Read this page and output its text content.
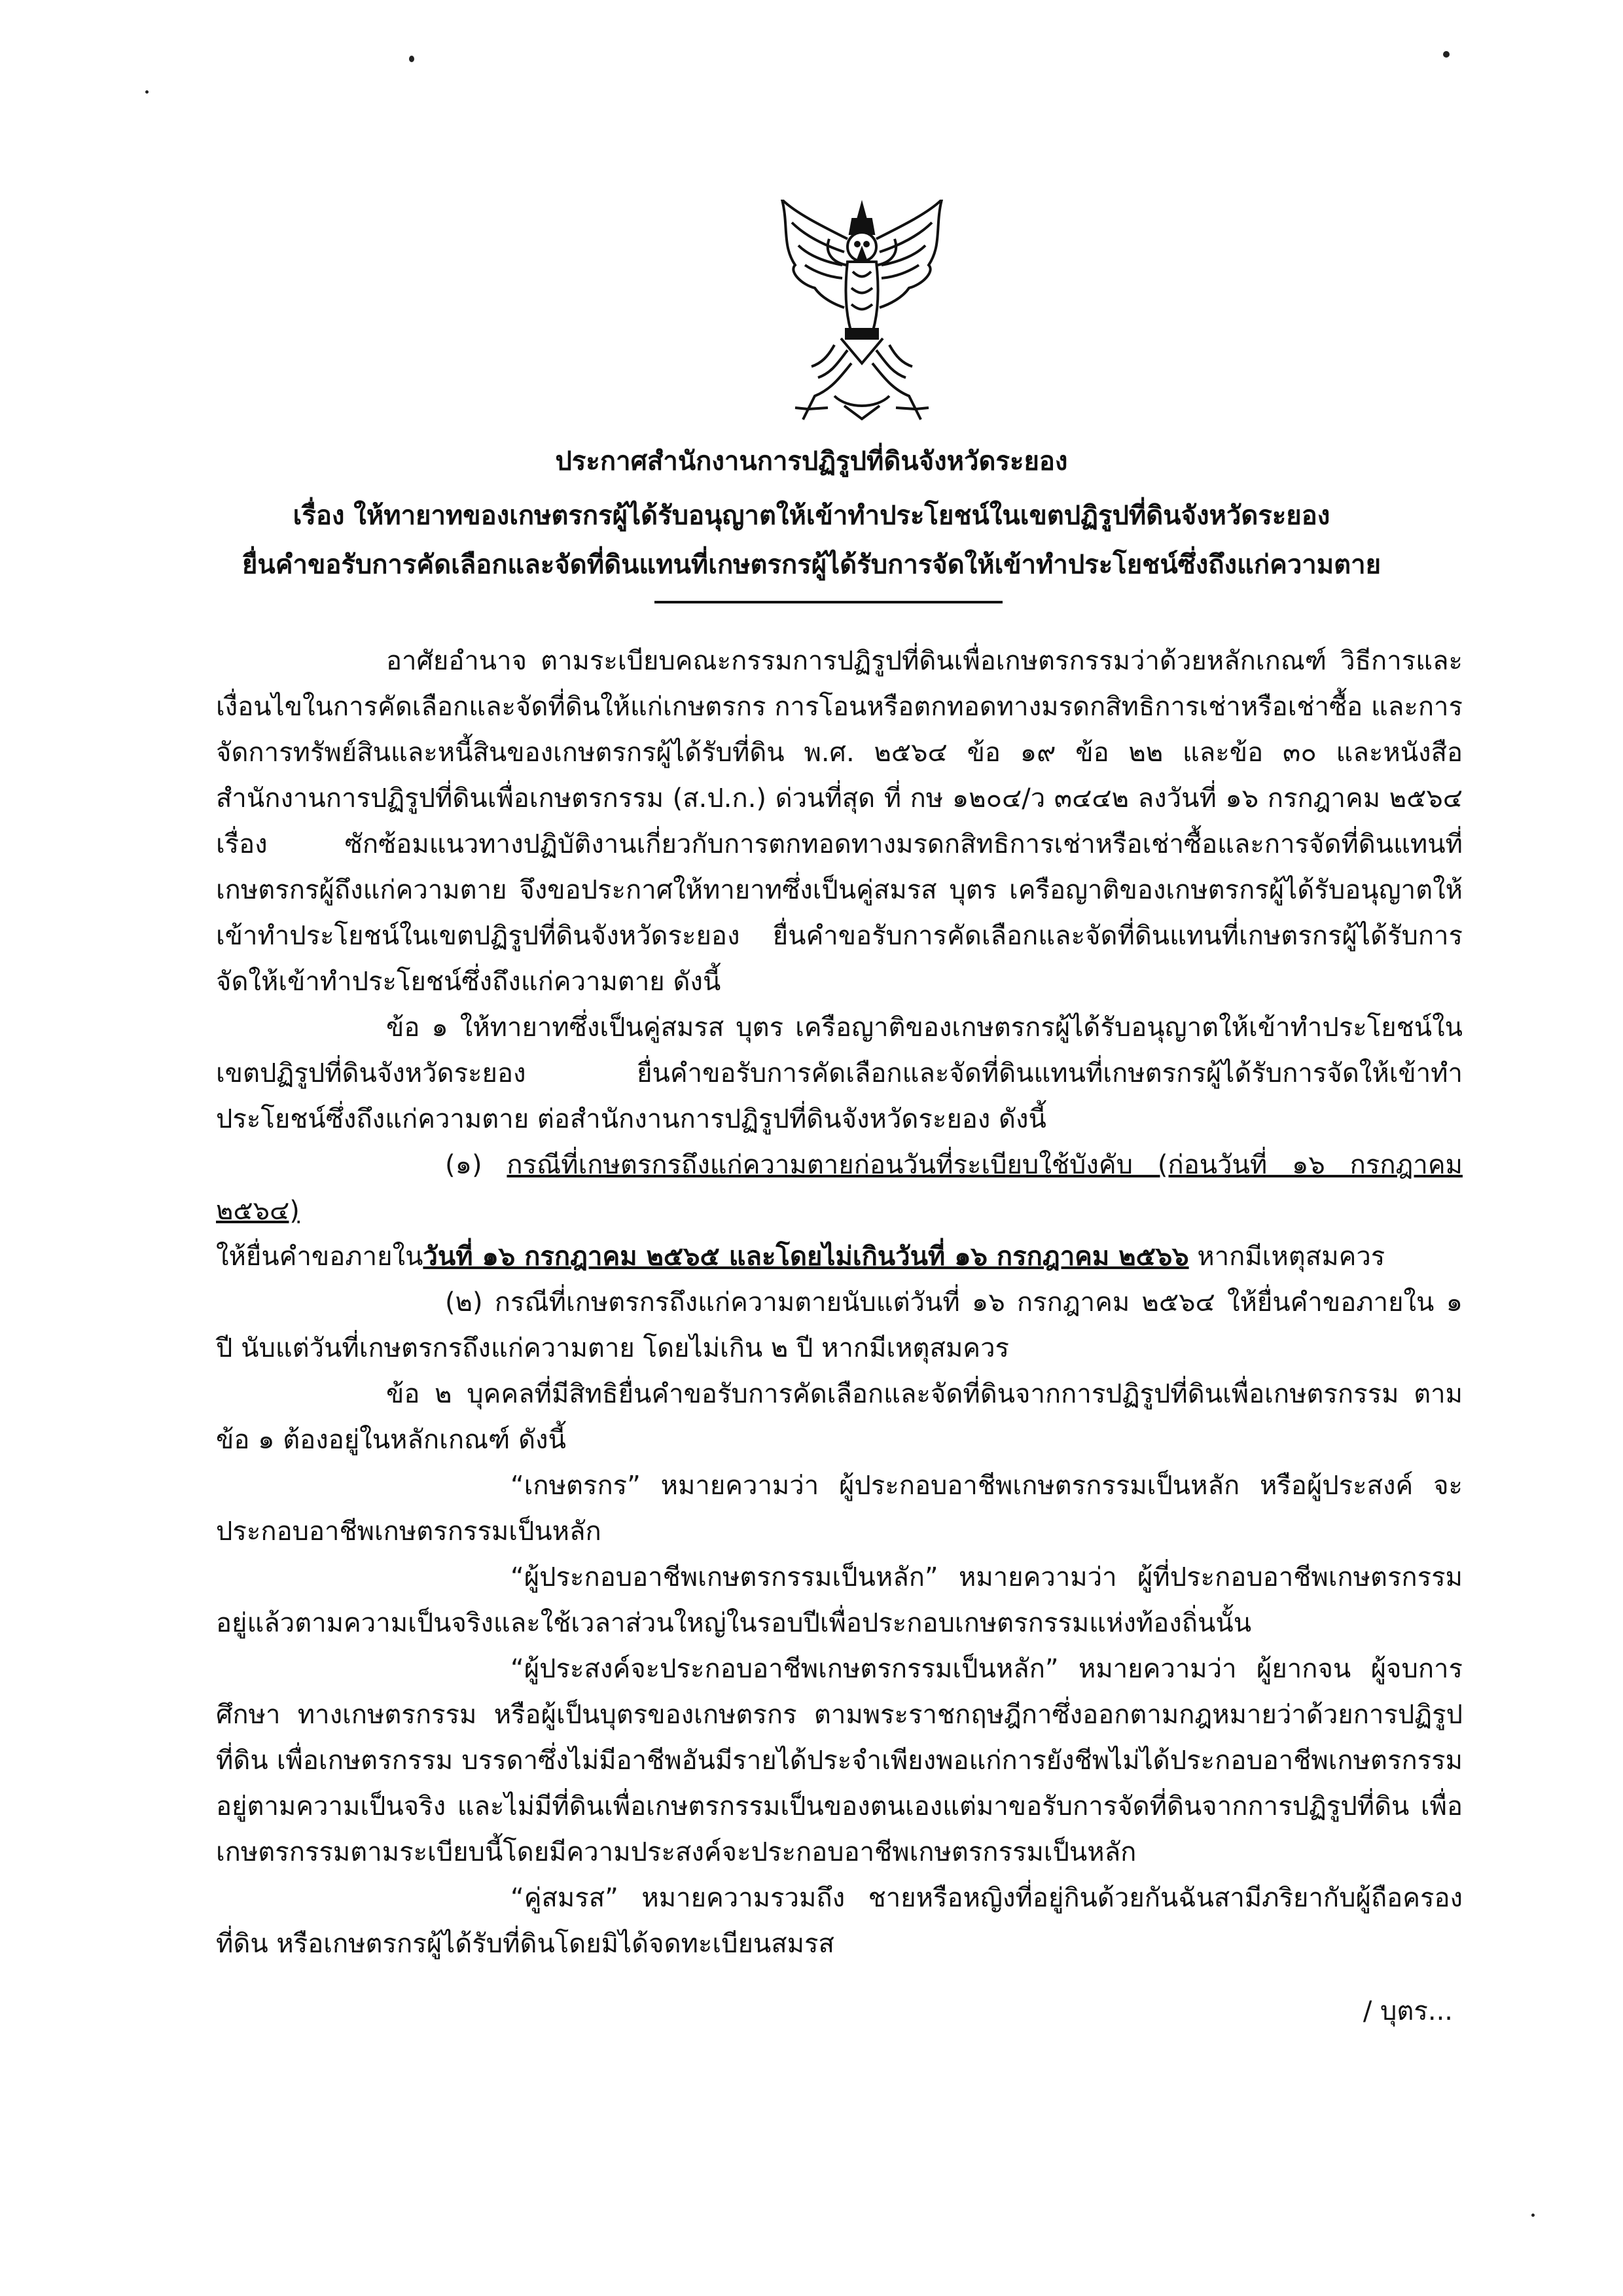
ประกาศสำนักงานการปฏิรูปที่ดินจังหวัดระยอง
เรื่อง ให้ทายาทของเกษตรกรผู้ได้รับอนุญาตให้เข้าทำประโยชน์ในเขตปฏิรูปที่ดินจังหวัดระยอง
ยื่นคำขอรับการคัดเลือกและจัดที่ดินแทนที่เกษตรกรผู้ได้รับการจัดให้เข้าทำประโยชน์ซึ่งถึงแก่ความตาย

อาศัยอำนาจ ตามระเบียบคณะกรรมการปฏิรูปที่ดินเพื่อเกษตรกรรมว่าด้วยหลักเกณฑ์ วิธีการและเงื่อนไขในการคัดเลือกและจัดที่ดินให้แก่เกษตรกร การโอนหรือตกทอดทางมรดกสิทธิการเช่าหรือเช่าซื้อ และการจัดการทรัพย์สินและหนี้สินของเกษตรกรผู้ได้รับที่ดิน พ.ศ. ๒๕๖๔ ข้อ ๑๙ ข้อ ๒๒ และข้อ ๓๐ และหนังสือสำนักงานการปฏิรูปที่ดินเพื่อเกษตรกรรม (ส.ป.ก.) ด่วนที่สุด ที่ กษ ๑๒๐๔/ว ๓๔๔๒ ลงวันที่ ๑๖ กรกฎาคม ๒๕๖๔ เรื่อง ซักซ้อมแนวทางปฏิบัติงานเกี่ยวกับการตกทอดทางมรดกสิทธิการเช่าหรือเช่าซื้อและการจัดที่ดินแทนที่เกษตรกรผู้ถึงแก่ความตาย จึงขอประกาศให้ทายาทซึ่งเป็นคู่สมรส บุตร เครือญาติของเกษตรกรผู้ได้รับอนุญาตให้เข้าทำประโยชน์ในเขตปฏิรูปที่ดินจังหวัดระยอง ยื่นคำขอรับการคัดเลือกและจัดที่ดินแทนที่เกษตรกรผู้ได้รับการจัดให้เข้าทำประโยชน์ซึ่งถึงแก่ความตาย ดังนี้

ข้อ ๑ ให้ทายาทซึ่งเป็นคู่สมรส บุตร เครือญาติของเกษตรกรผู้ได้รับอนุญาตให้เข้าทำประโยชน์ในเขตปฏิรูปที่ดินจังหวัดระยอง ยื่นคำขอรับการคัดเลือกและจัดที่ดินแทนที่เกษตรกรผู้ได้รับการจัดให้เข้าทำประโยชน์ซึ่งถึงแก่ความตาย ต่อสำนักงานการปฏิรูปที่ดินจังหวัดระยอง ดังนี้

(๑) กรณีที่เกษตรกรถึงแก่ความตายก่อนวันที่ระเบียบใช้บังคับ (ก่อนวันที่ ๑๖ กรกฎาคม ๒๕๖๔)

ให้ยื่นคำขอภายในวันที่ ๑๖ กรกฎาคม ๒๕๖๕ และโดยไม่เกินวันที่ ๑๖ กรกฎาคม ๒๕๖๖ หากมีเหตุสมควร

(๒) กรณีที่เกษตรกรถึงแก่ความตายนับแต่วันที่ ๑๖ กรกฎาคม ๒๕๖๔ ให้ยื่นคำขอภายใน ๑ ปี นับแต่วันที่เกษตรกรถึงแก่ความตาย โดยไม่เกิน ๒ ปี หากมีเหตุสมควร

ข้อ ๒ บุคคลที่มีสิทธิยื่นคำขอรับการคัดเลือกและจัดที่ดินจากการปฏิรูปที่ดินเพื่อเกษตรกรรม ตามข้อ ๑ ต้องอยู่ในหลักเกณฑ์ ดังนี้

“เกษตรกร” หมายความว่า ผู้ประกอบอาชีพเกษตรกรรมเป็นหลัก หรือผู้ประสงค์ จะประกอบอาชีพเกษตรกรรมเป็นหลัก

“ผู้ประกอบอาชีพเกษตรกรรมเป็นหลัก” หมายความว่า ผู้ที่ประกอบอาชีพเกษตรกรรม อยู่แล้วตามความเป็นจริงและใช้เวลาส่วนใหญ่ในรอบปีเพื่อประกอบเกษตรกรรมแห่งท้องถิ่นนั้น

“ผู้ประสงค์จะประกอบอาชีพเกษตรกรรมเป็นหลัก” หมายความว่า ผู้ยากจน ผู้จบการศึกษา ทางเกษตรกรรม หรือผู้เป็นบุตรของเกษตรกร ตามพระราชกฤษฎีกาซึ่งออกตามกฎหมายว่าด้วยการปฏิรูปที่ดิน เพื่อเกษตรกรรม บรรดาซึ่งไม่มีอาชีพอันมีรายได้ประจำเพียงพอแก่การยังชีพไม่ได้ประกอบอาชีพเกษตรกรรม อยู่ตามความเป็นจริง และไม่มีที่ดินเพื่อเกษตรกรรมเป็นของตนเองแต่มาขอรับการจัดที่ดินจากการปฏิรูปที่ดิน เพื่อเกษตรกรรมตามระเบียบนี้โดยมีความประสงค์จะประกอบอาชีพเกษตรกรรมเป็นหลัก

“คู่สมรส” หมายความรวมถึง ชายหรือหญิงที่อยู่กินด้วยกันฉันสามีภริยากับผู้ถือครองที่ดิน หรือเกษตรกรผู้ได้รับที่ดินโดยมิได้จดทะเบียนสมรส

/ บุตร...
